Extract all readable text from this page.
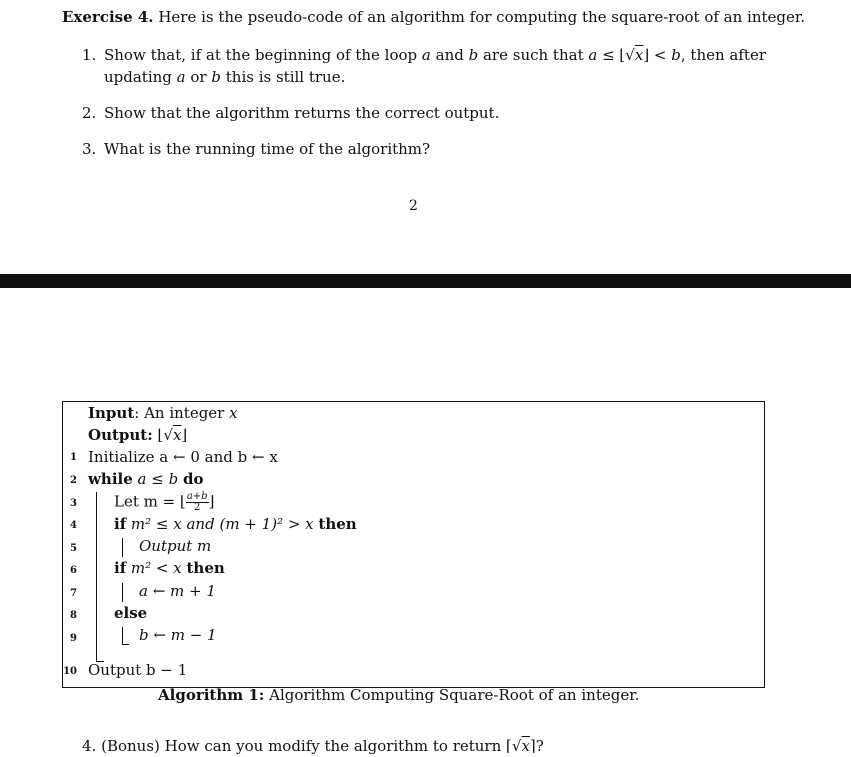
Exercise 4. Here is the pseudo-code of an algorithm for computing the square-root of an integer.
1. Show that, if at the beginning of the loop a and b are such that a ≤ ⌊√x⌋ < b, then after updating a or b this is still true.
2. Show that the algorithm returns the correct output.
3. What is the running time of the algorithm?
2
Input: An integer x
Output: ⌊√x⌋
1 Initialize a ← 0 and b ← x
2 while a ≤ b do
3 Let m = ⌊ $\frac{a+b}{2}$ ⌋
4 if m² ≤ x and (m + 1)² > x then
5	Output m
6 if m² < x then
7	a ← m + 1
8 else
9	b ← m − 1
10 Output b − 1
Algorithm 1: Algorithm Computing Square-Root of an integer.
4. (Bonus) How can you modify the algorithm to return ⌈√x⌉?
